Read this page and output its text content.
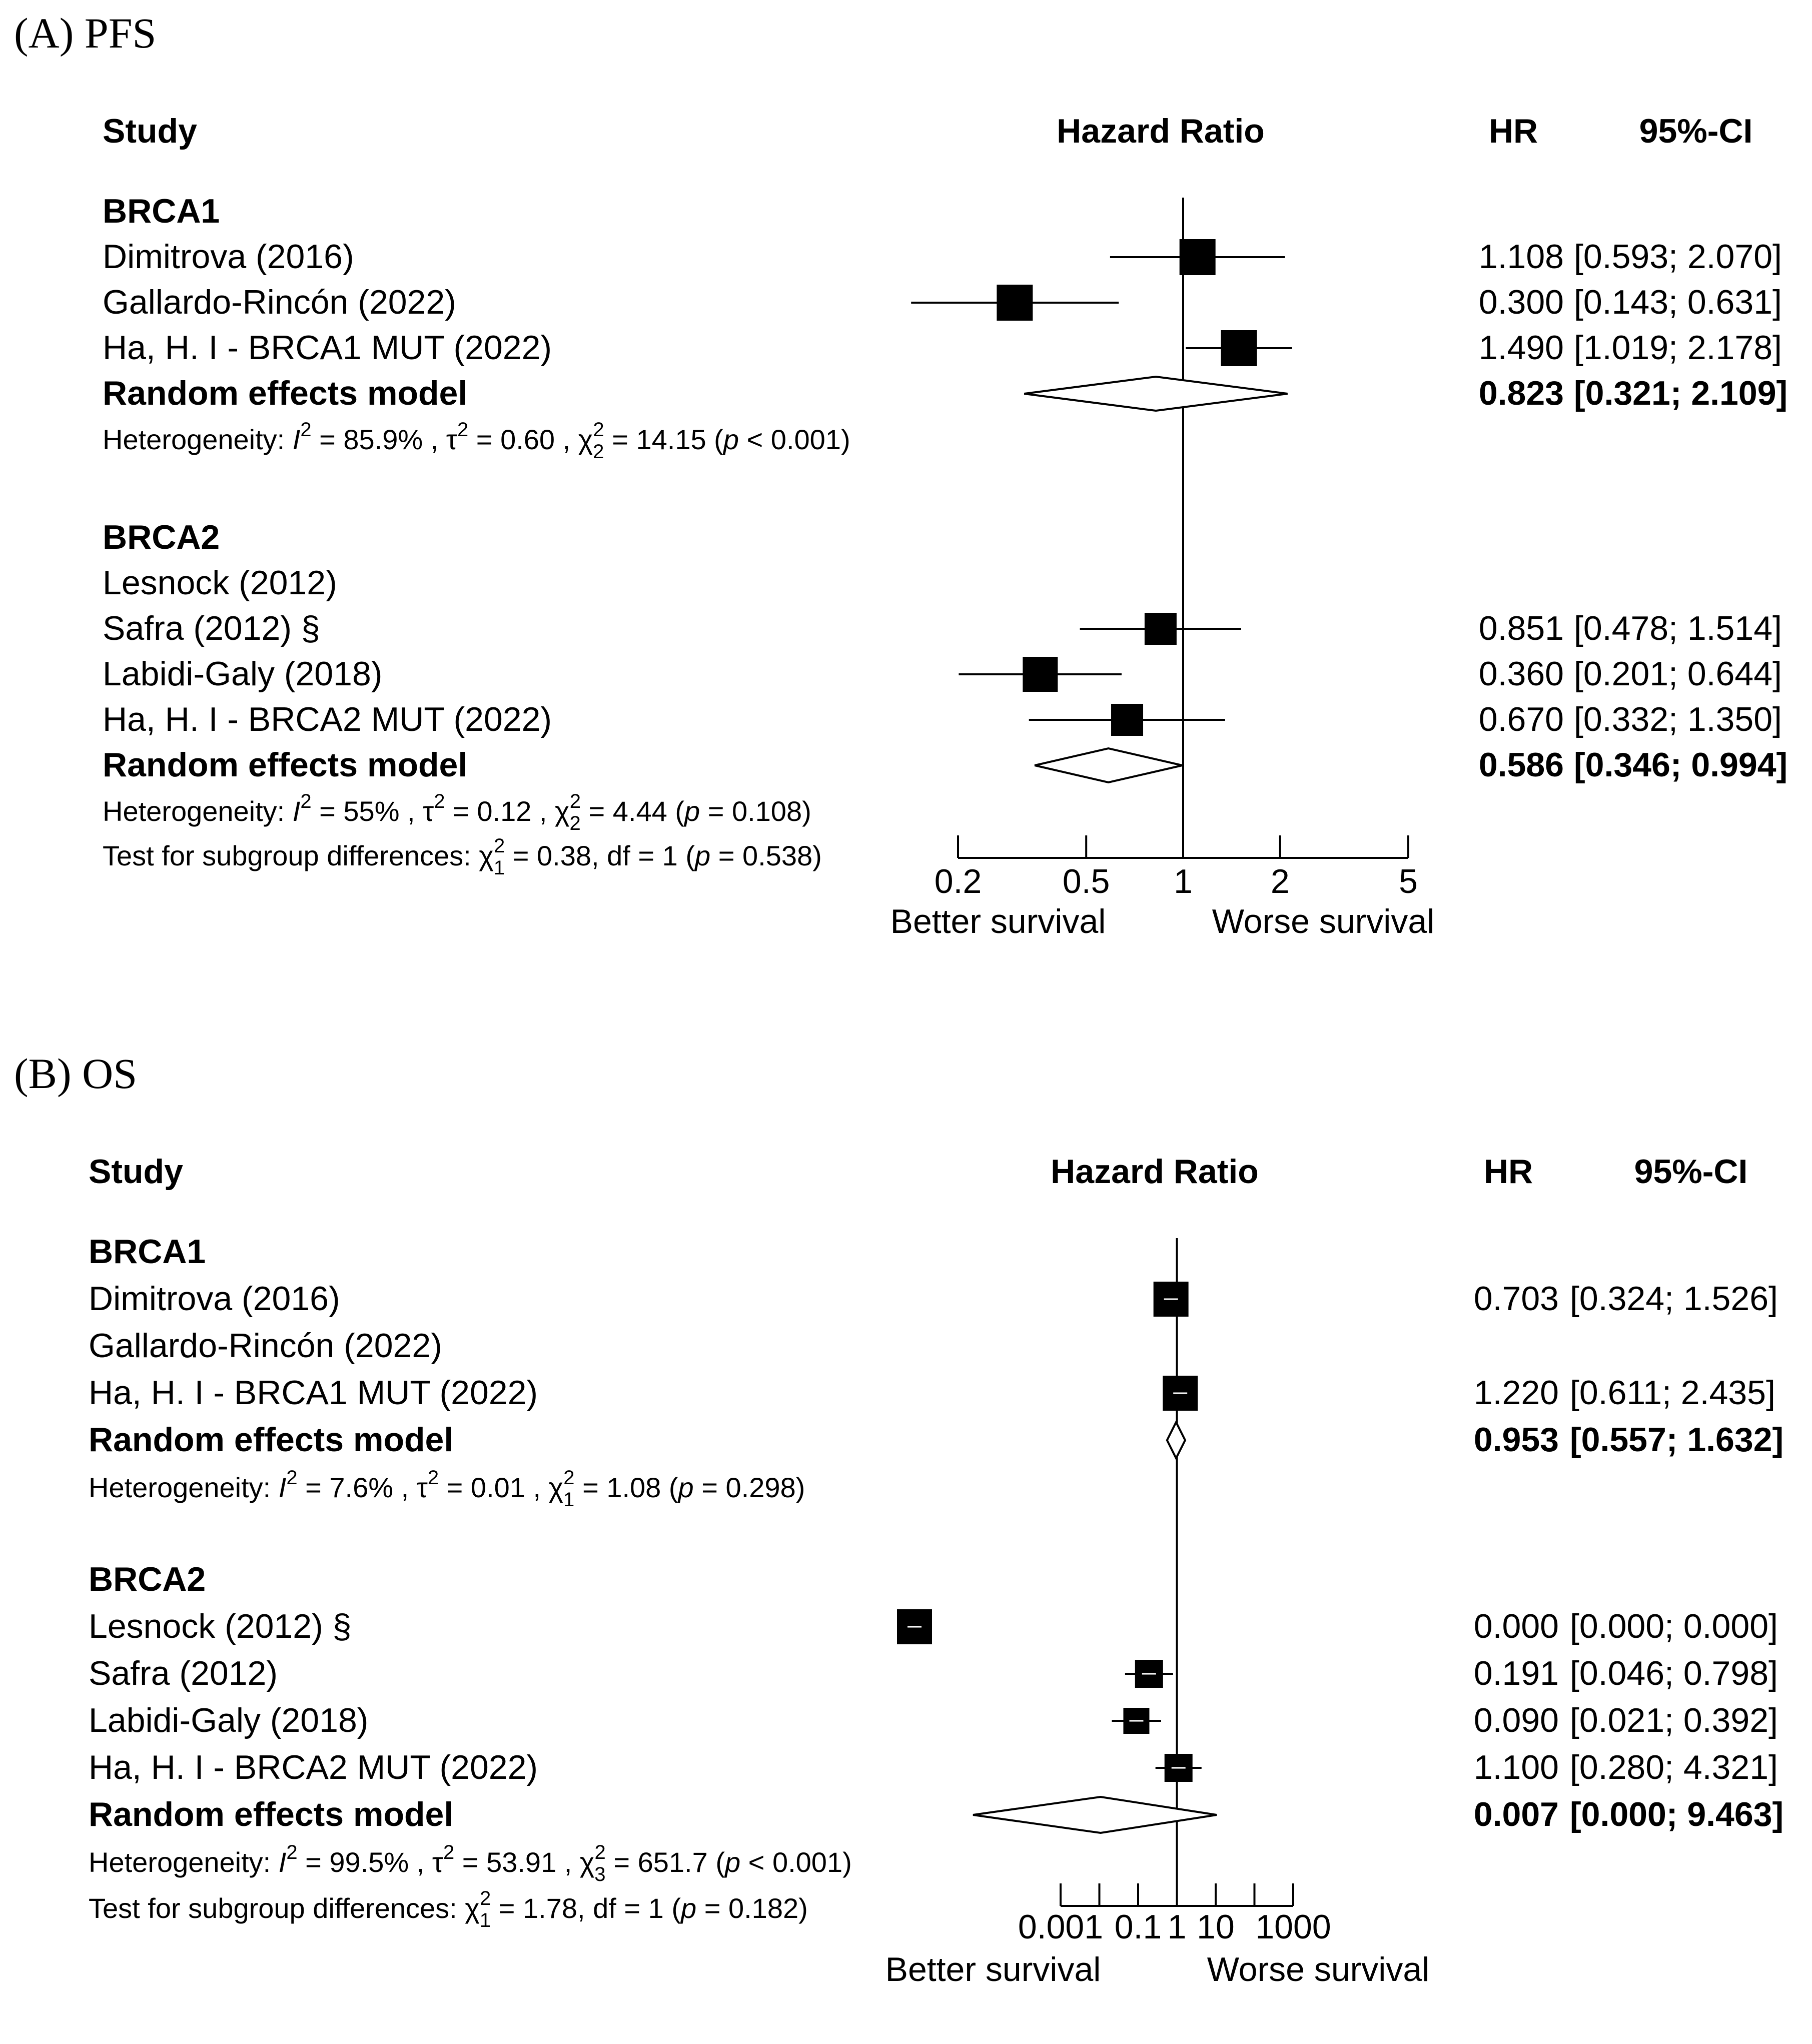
(A) PFS
Study	Hazard Ratio	HR	95%-CI
BRCA1
Dimitrova (2016)	1.108 [0.593; 2.070]
Gallardo-Rincón (2022)	0.300 [0.143; 0.631]
Ha, H. I - BRCA1 MUT (2022)	1.490 [1.019; 2.178]
Random effects model	0.823 [0.321; 2.109]
Heterogeneity: $I^2 = 85.9\%$ , $\tau^2 = 0.60$ , $\chi_22 = 14.15$ (p < 0.001)
BRCA2
Lesnock (2012)
Safra (2012) §	0.851 [0.478; 1.514]
Labidi-Galy (2018)	0.360 [0.201; 0.644]
Ha, H. I - BRCA2 MUT (2022)	0.670 [0.332; 1.350]
Random effects model	0.586 [0.346; 0.994]
Heterogeneity: $I^2 = 55\%$ , $\tau^2 = 0.12$ , $\chi_22 = 4.44$ (p = 0.108)
Test for subgroup differences: $\chi_12 = 0.38$, df = 1 (p = 0.538)
0.2 0.5 1 2	5
Better survival	Worse survival
(B) OS
Study	Hazard Ratio	HR	95%-CI
BRCA1
Dimitrova (2016)	0.703 [0.324; 1.526]
Gallardo-Rincón (2022)
Ha, H. I - BRCA1 MUT (2022)	1.220 [0.611; 2.435]
Random effects model	0.953 [0.557; 1.632]
Heterogeneity: $I^2 = 7.6\%$ , $\tau^2 = 0.01$ , $\chi_12 = 1.08$ (p = 0.298)
BRCA2
Lesnock (2012) §	0.000 [0.000; 0.000]
Safra (2012)	0.191 [0.046; 0.798]
Labidi-Galy (2018)	0.090 [0.021; 0.392]
Ha, H. I - BRCA2 MUT (2022)	1.100 [0.280; 4.321]
Random effects model	0.007 [0.000; 9.463]
Heterogeneity: $I^2 = 99.5\%$ , $\tau^2 = 53.91$ , $\chi_32 = 651.7$ (p < 0.001)
Test for subgroup differences: $\chi_12 = 1.78$, df = 1 (p = 0.182)	0.001 0.1 1 10 1000
Better survival	Worse survival
